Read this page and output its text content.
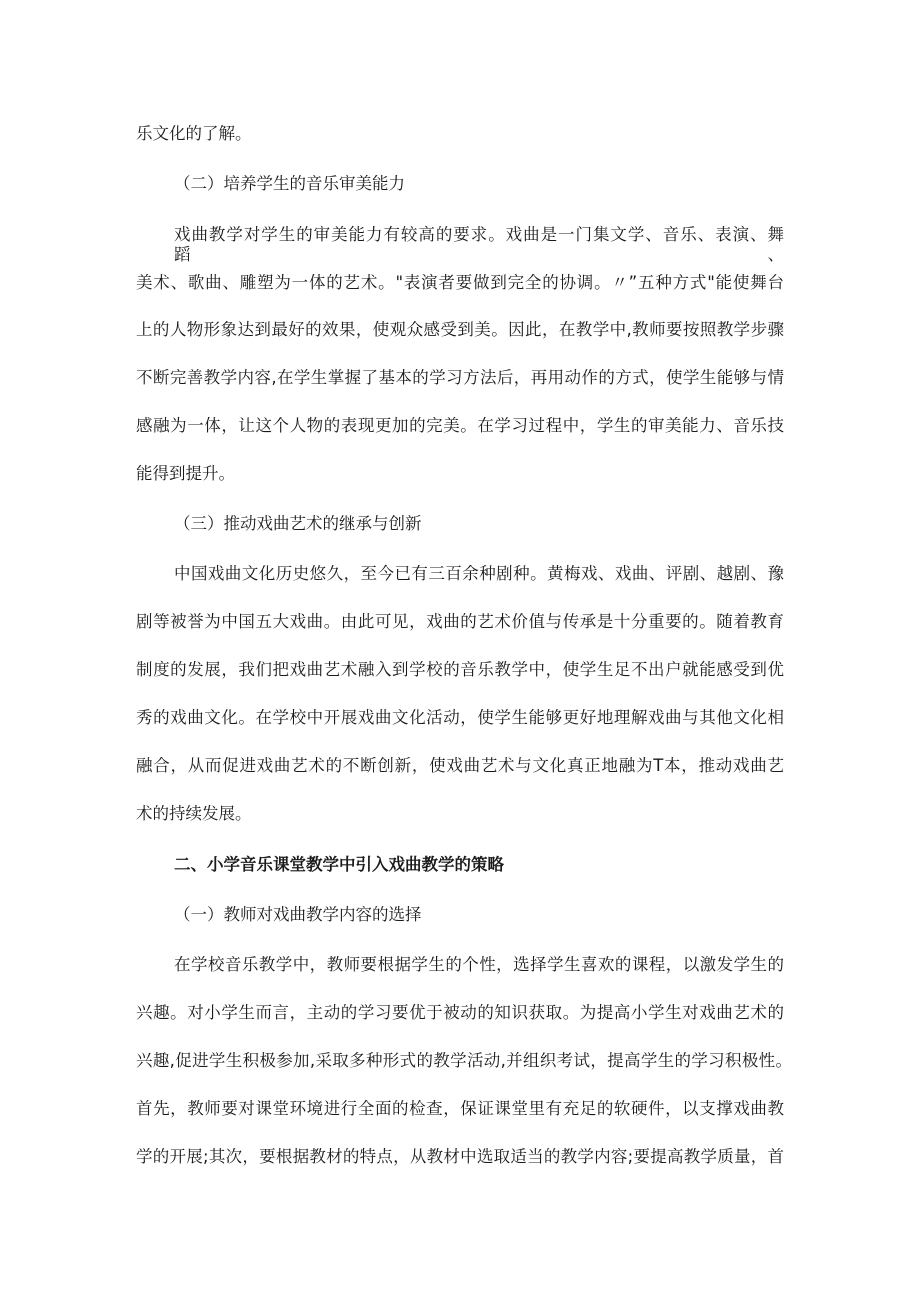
乐文化的了解。

（二）培养学生的音乐审美能力

戏曲教学对学生的审美能力有较高的要求。戏曲是一门集文学、音乐、表演、舞蹈、

美术、歌曲、雕塑为一体的艺术。"表演者要做到完全的协调。〃”五种方式"能使舞台

上的人物形象达到最好的效果，使观众感受到美。因此，在教学中,教师要按照教学步骤

不断完善教学内容,在学生掌握了基本的学习方法后，再用动作的方式，使学生能够与情

感融为一体，让这个人物的表现更加的完美。在学习过程中，学生的审美能力、音乐技

能得到提升。

（三）推动戏曲艺术的继承与创新

中国戏曲文化历史悠久，至今已有三百余种剧种。黄梅戏、戏曲、评剧、越剧、豫

剧等被誉为中国五大戏曲。由此可见，戏曲的艺术价值与传承是十分重要的。随着教育

制度的发展，我们把戏曲艺术融入到学校的音乐教学中，使学生足不出户就能感受到优

秀的戏曲文化。在学校中开展戏曲文化活动，使学生能够更好地理解戏曲与其他文化相

融合，从而促进戏曲艺术的不断创新，使戏曲艺术与文化真正地融为T本，推动戏曲艺

术的持续发展。

二、小学音乐课堂教学中引入戏曲教学的策略

（一）教师对戏曲教学内容的选择

在学校音乐教学中，教师要根据学生的个性，选择学生喜欢的课程，以激发学生的

兴趣。对小学生而言，主动的学习要优于被动的知识获取。为提高小学生对戏曲艺术的

兴趣,促进学生积极参加,采取多种形式的教学活动,并组织考试，提高学生的学习积极性。

首先，教师要对课堂环境进行全面的检查，保证课堂里有充足的软硬件，以支撑戏曲教

学的开展;其次，要根据教材的特点，从教材中选取适当的教学内容;要提高教学质量，首
